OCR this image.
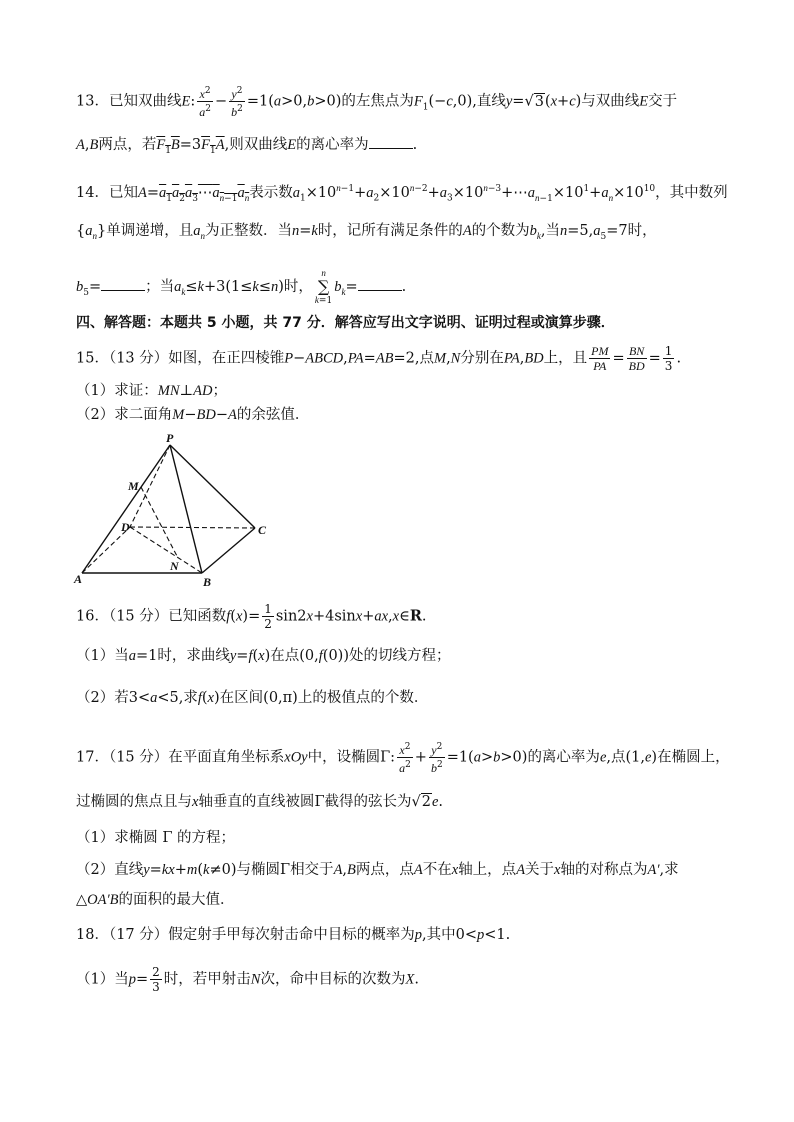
13．已知双曲线E: $\frac{x^2}{a^2} - \frac{y^2}{b^2} =1(a>0,b>0)$的左焦点为$F_1(-c,0)$,直线y=√3(x+c)与双曲线E交于
A,B两点，若$F_1B=3F_1A$,则双曲线E的离心率为	.
14．已知$A=a_1a_2a_3\cdots a_{n-1}a_n$表示数$a_1\times 10^{n-1}+a_2\times 10^{n-2}+a_3\times 10^{n-3}+\cdots a_{n-1}\times 10^1+a_n\times 10^{10}$，其中数列
$\{a_n\}$单调递增，且$a_n$为正整数．当n=k时，记所有满足条件的A的个数为$b_k$,当$n=5,a_5=7$时，
$b_5=$	；当$a_k\le k+3(1\le k\le n)$时，n
∑
$k=1b_k=$	.
四、解答题：本题共 5 小题，共 77 分．解答应写出文字说明、证明过程或演算步骤．
15．（13 分）如图，在正四棱锥P−ABCD,PA=AB=2,点M,N分别在PA,BD上，且 $\frac{PM}{PA} = \frac{BN}{BD} = \frac{1}{3}$ .
（1）求证：MN⊥AD；
（2）求二面角M−BD−A的余弦值．
P
M
D	C
A
N
B
16．（15 分）已知函数$f(x)= \frac{1}{2}$ sin2x+4sinx+ax,x∈R.
（1）当a=1时，求曲线y=f(x)在点(0,f(0))处的切线方程；
（2）若3<a<5,求f(x)在区间(0,π)上的极值点的个数．
17．（15 分）在平面直角坐标系xOy中，设椭圆Γ: $\frac{x^2}{a^2} + \frac{y^2}{b^2} =1(a>b>0)$的离心率为e,点(1,e)在椭圆上，
过椭圆的焦点且与x轴垂直的直线被圆Γ截得的弦长为√2e.
（1）求椭圆 Γ 的方程；
（2）直线y=kx+m(k≠0)与椭圆Γ相交于A,B两点，点A不在x轴上，点A关于x轴的对称点为A′,求
△OA′B的面积的最大值．
18．（17 分）假定射手甲每次射击命中目标的概率为p,其中0<p<1.
（1）当$p= \frac{2}{3}$ 时，若甲射击N次，命中目标的次数为X.
